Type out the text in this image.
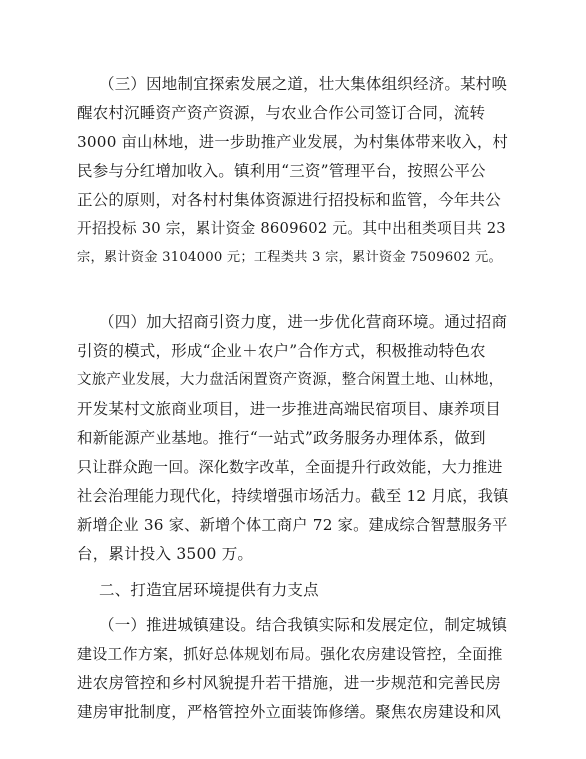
（三）因地制宜探索发展之道，壮大集体组织经济。某村唤
醒农村沉睡资产资产资源，与农业合作公司签订合同，流转
3000 亩山林地，进一步助推产业发展，为村集体带来收入，村
民参与分红增加收入。镇利用“三资”管理平台，按照公平公
正公的原则，对各村村集体资源进行招投标和监管，今年共公
开招投标 30 宗，累计资金 8609602 元。其中出租类项目共 23
宗，累计资金 3104000 元；工程类共 3 宗，累计资金 7509602 元。
（四）加大招商引资力度，进一步优化营商环境。通过招商
引资的模式，形成“企业＋农户”合作方式，积极推动特色农
文旅产业发展，大力盘活闲置资产资源，整合闲置土地、山林地，
开发某村文旅商业项目，进一步推进高端民宿项目、康养项目
和新能源产业基地。推行“一站式”政务服务办理体系，做到
只让群众跑一回。深化数字改革，全面提升行政效能，大力推进
社会治理能力现代化，持续增强市场活力。截至 12 月底，我镇
新增企业 36 家、新增个体工商户 72 家。建成综合智慧服务平
台，累计投入 3500 万。
二、打造宜居环境提供有力支点
（一）推进城镇建设。结合我镇实际和发展定位，制定城镇
建设工作方案，抓好总体规划布局。强化农房建设管控，全面推
进农房管控和乡村风貌提升若干措施，进一步规范和完善民房
建房审批制度，严格管控外立面装饰修缮。聚焦农房建设和风
